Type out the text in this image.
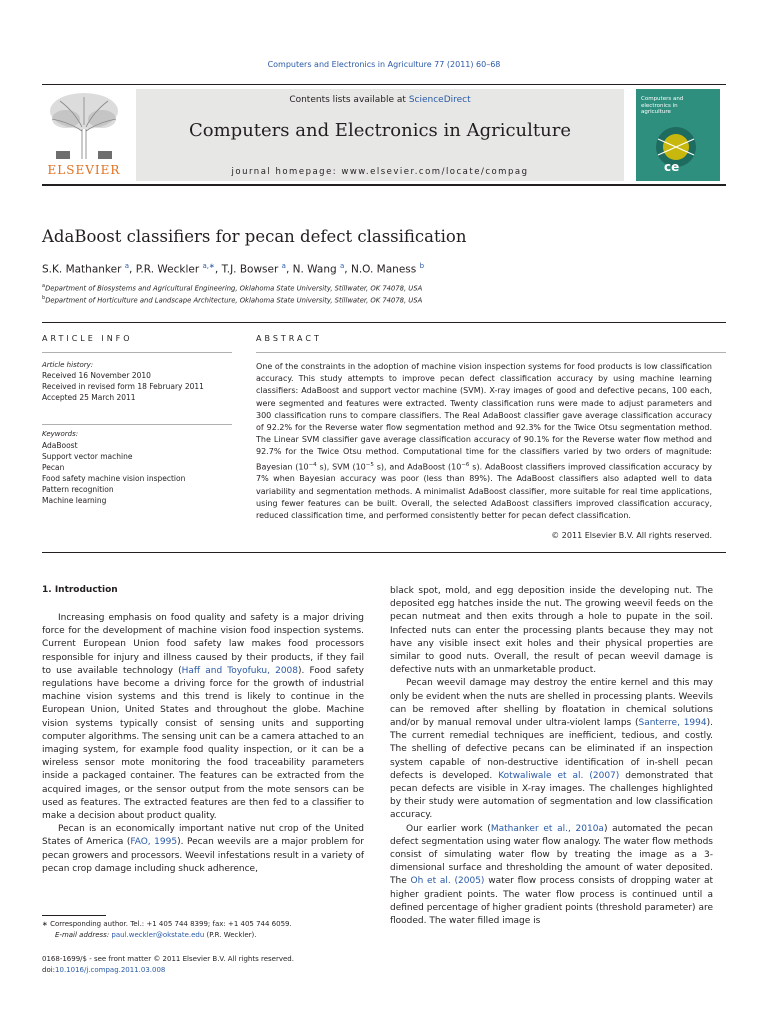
Computers and Electronics in Agriculture 77 (2011) 60–68
ELSEVIER
Contents lists available at ScienceDirect
Computers and Electronics in Agriculture
journal homepage: www.elsevier.com/locate/compag
Computers and electronics in agriculture
ce
AdaBoost classifiers for pecan defect classification
S.K. Mathanker $^a$, P.R. Weckler $^{a,∗}$, T.J. Bowser $^a$, N. Wang $^a$, N.O. Maness $^b$
$^a$Department of Biosystems and Agricultural Engineering, Oklahoma State University, Stillwater, OK 74078, USA
$^b$Department of Horticulture and Landscape Architecture, Oklahoma State University, Stillwater, OK 74078, USA
ARTICLE INFO	ABSTRACT
Article history:
Received 16 November 2010
Received in revised form 18 February 2011
Accepted 25 March 2011
Keywords:
AdaBoost
Support vector machine
Pecan
Food safety machine vision inspection
Pattern recognition
Machine learning
One of the constraints in the adoption of machine vision inspection systems for food products is low classification accuracy. This study attempts to improve pecan defect classification accuracy by using machine learning classifiers: AdaBoost and support vector machine (SVM). X-ray images of good and defective pecans, 100 each, were segmented and features were extracted. Twenty classification runs were made to adjust parameters and 300 classification runs to compare classifiers. The Real AdaBoost classifier gave average classification accuracy of 92.2% for the Reverse water flow segmentation method and 92.3% for the Twice Otsu segmentation method. The Linear SVM classifier gave average classification accuracy of 90.1% for the Reverse water flow method and 92.7% for the Twice Otsu method. Computational time for the classifiers varied by two orders of magnitude: Bayesian ($10^{-4}$ s), SVM ($10^{-5}$ s), and AdaBoost ($10^{-6}$ s). AdaBoost classifiers improved classification accuracy by 7% when Bayesian accuracy was poor (less than 89%). The AdaBoost classifiers also adapted well to data variability and segmentation methods. A minimalist AdaBoost classifier, more suitable for real time applications, using fewer features can be built. Overall, the selected AdaBoost classifiers improved classification accuracy, reduced classification time, and performed consistently better for pecan defect classification.
© 2011 Elsevier B.V. All rights reserved.
1. Introduction

Increasing emphasis on food quality and safety is a major driving force for the development of machine vision food inspection systems. Current European Union food safety law makes food processors responsible for injury and illness caused by their products, if they fail to use available technology (Haff and Toyofuku, 2008). Food safety regulations have become a driving force for the growth of industrial machine vision systems and this trend is likely to continue in the European Union, United States and throughout the globe. Machine vision systems typically consist of sensing units and supporting computer algorithms. The sensing unit can be a camera attached to an imaging system, for example food quality inspection, or it can be a wireless sensor mote monitoring the food traceability parameters inside a packaged container. The features can be extracted from the acquired images, or the sensor output from the mote sensors can be used as features. The extracted features are then fed to a classifier to make a decision about product quality.

Pecan is an economically important native nut crop of the United States of America (FAO, 1995). Pecan weevils are a major problem for pecan growers and processors. Weevil infestations result in a variety of pecan crop damage including shuck adherence,

black spot, mold, and egg deposition inside the developing nut. The deposited egg hatches inside the nut. The growing weevil feeds on the pecan nutmeat and then exits through a hole to pupate in the soil. Infected nuts can enter the processing plants because they may not have any visible insect exit holes and their physical properties are similar to good nuts. Overall, the result of pecan weevil damage is defective nuts with an unmarketable product.

Pecan weevil damage may destroy the entire kernel and this may only be evident when the nuts are shelled in processing plants. Weevils can be removed after shelling by floatation in chemical solutions and/or by manual removal under ultra-violent lamps (Santerre, 1994). The current remedial techniques are inefficient, tedious, and costly. The shelling of defective pecans can be eliminated if an inspection system capable of non-destructive identification of in-shell pecan defects is developed. Kotwaliwale et al. (2007) demonstrated that pecan defects are visible in X-ray images. The challenges highlighted by their study were automation of segmentation and low classification accuracy.

Our earlier work (Mathanker et al., 2010a) automated the pecan defect segmentation using water flow analogy. The water flow methods consist of simulating water flow by treating the image as a 3-dimensional surface and thresholding the amount of water deposited. The Oh et al. (2005) water flow process consists of dropping water at higher gradient points. The water flow process is continued until a defined percentage of higher gradient points (threshold parameter) are flooded. The water filled image is

∗ Corresponding author. Tel.: +1 405 744 8399; fax: +1 405 744 6059.
E-mail address: paul.weckler@okstate.edu (P.R. Weckler).
0168-1699/$ - see front matter © 2011 Elsevier B.V. All rights reserved.
doi:10.1016/j.compag.2011.03.008
